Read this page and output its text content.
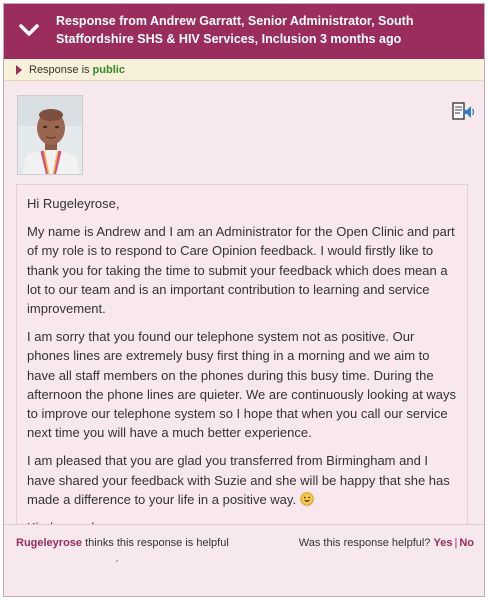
Response from Andrew Garratt, Senior Administrator, South Staffordshire SHS & HIV Services, Inclusion 3 months ago
Response is public

Hi Rugeleyrose,

My name is Andrew and I am an Administrator for the Open Clinic and part of my role is to respond to Care Opinion feedback. I would firstly like to thank you for taking the time to submit your feedback which does mean a lot to our team and is an important contribution to learning and service improvement.

I am sorry that you found our telephone system not as positive. Our phones lines are extremely busy first thing in a morning and we aim to have all staff members on the phones during this busy time. During the afternoon the phone lines are quieter. We are continuously looking at ways to improve our telephone system so I hope that when you call our service next time you will have a much better experience.

I am pleased that you are glad you transferred from Birmingham and I have shared your feedback with Suzie and she will be happy that she has made a difference to your life in a positive way.

Rugeleyrose thinks this response is helpful	Was this response helpful? Yes | No
